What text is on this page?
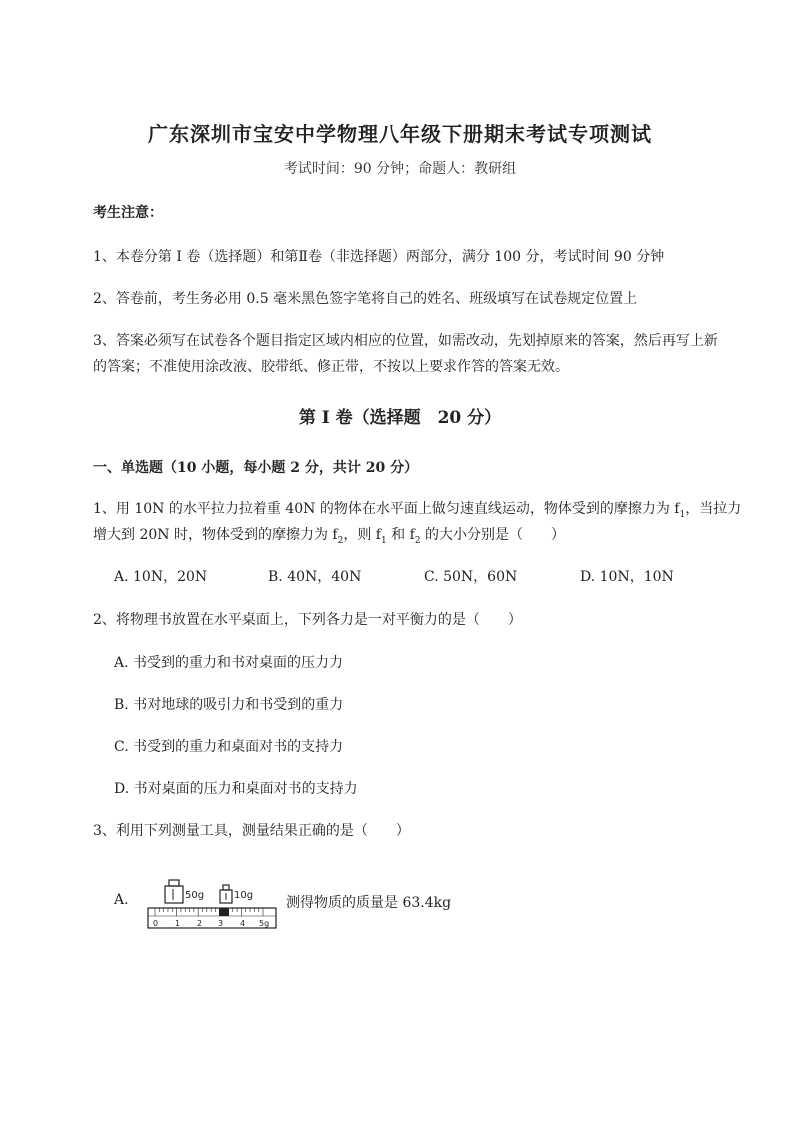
广东深圳市宝安中学物理八年级下册期末考试专项测试
考试时间：90 分钟；命题人：教研组
考生注意：
1、本卷分第 I 卷（选择题）和第Ⅱ卷（非选择题）两部分，满分 100 分，考试时间 90 分钟
2、答卷前，考生务必用 0.5 毫米黑色签字笔将自己的姓名、班级填写在试卷规定位置上
3、答案必须写在试卷各个题目指定区域内相应的位置，如需改动，先划掉原来的答案，然后再写上新
的答案；不准使用涂改液、胶带纸、修正带，不按以上要求作答的答案无效。
第 I 卷（选择题　20 分）
一、单选题（10 小题，每小题 2 分，共计 20 分）
1、用 10N 的水平拉力拉着重 40N 的物体在水平面上做匀速直线运动，物体受到的摩擦力为 $f_1$，当拉力
增大到 20N 时，物体受到的摩擦力为 $f_2$，则 $f_1$ 和 $f_2$ 的大小分别是（　　）
A. 10N，20N	B. 40N，40N	C. 50N，60N	D. 10N，10N
2、将物理书放置在水平桌面上，下列各力是一对平衡力的是（　　）
A. 书受到的重力和书对桌面的压力力
B. 书对地球的吸引力和书受到的重力
C. 书受到的重力和桌面对书的支持力
D. 书对桌面的压力和桌面对书的支持力
3、利用下列测量工具，测量结果正确的是（　　）
A.	50g	10g
0 1 2 3 4 5g
测得物质的质量是 63.4kg
